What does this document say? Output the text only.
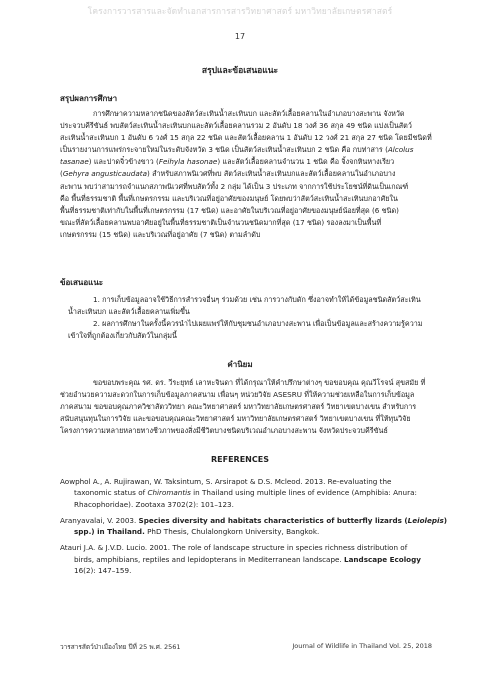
โครงการวารสารและจัดทำเอกสารการสารวิทยาศาสตร์ มหาวิทยาลัยเกษตรศาสตร์
17
สรุปและข้อเสนอแนะ
สรุปผลการศึกษา
การศึกษาความหลากชนิดของสัตว์สะเทินน้ำสะเทินบก และสัตว์เลื้อยคลานในอำเภอบางสะพาน จังหวัด
ประจวบคีรีขันธ์ พบสัตว์สะเทินน้ำสะเทินบกและสัตว์เลื้อยคลานรวม 2 อันดับ 18 วงศ์ 36 สกุล 49 ชนิด แบ่งเป็นสัตว์
สะเทินน้ำสะเทินบก 1 อันดับ 6 วงศ์ 15 สกุล 22 ชนิด และสัตว์เลื้อยคลาน 1 อันดับ 12 วงศ์ 21 สกุล 27 ชนิด โดยมีชนิดที่
เป็นรายงานการแพร่กระจายใหม่ในระดับจังหวัด 3 ชนิด เป็นสัตว์สะเทินน้ำสะเทินบก 2 ชนิด คือ กบท่าสาร (Alcolus
tasanae) และปาดจิ๋วข้างขาว (Feihyla hasonae) และสัตว์เลื้อยคลานจำนวน 1 ชนิด คือ จิ้งจกหินหางเรียว
(Gehyra angusticaudata) สำหรับสภาพนิเวศที่พบ สัตว์สะเทินน้ำสะเทินบกและสัตว์เลื้อยคลานในอำเภอบาง
สะพาน พบว่าสามารถจำแนกสภาพนิเวศที่พบสัตว์ทั้ง 2 กลุ่ม ได้เป็น 3 ประเภท จากการใช้ประโยชน์ที่ดินเป็นเกณฑ์
คือ พื้นที่ธรรมชาติ พื้นที่เกษตรกรรม และบริเวณที่อยู่อาศัยของมนุษย์ โดยพบว่าสัตว์สะเทินน้ำสะเทินบกอาศัยใน
พื้นที่ธรรมชาติเท่ากับในพื้นที่เกษตรกรรม (17 ชนิด) และอาศัยในบริเวณที่อยู่อาศัยของมนุษย์น้อยที่สุด (6 ชนิด)
ขณะที่สัตว์เลื้อยคลานพบอาศัยอยู่ในพื้นที่ธรรมชาติเป็นจำนวนชนิดมากที่สุด (17 ชนิด) รองลงมาเป็นพื้นที่
เกษตรกรรม (15 ชนิด) และบริเวณที่อยู่อาศัย (7 ชนิด) ตามลำดับ
ข้อเสนอแนะ
1. การเก็บข้อมูลอาจใช้วิธีการสำรวจอื่นๆ ร่วมด้วย เช่น การวางกับดัก ซึ่งอาจทำให้ได้ข้อมูลชนิดสัตว์สะเทิน
น้ำสะเทินบก และสัตว์เลื้อยคลานเพิ่มขึ้น
2. ผลการศึกษาในครั้งนี้ควรนำไปเผยแพร่ให้กับชุมชนอำเภอบางสะพาน เพื่อเป็นข้อมูลและสร้างความรู้ความ
เข้าใจที่ถูกต้องเกี่ยวกับสัตว์ในกลุ่มนี้
คำนิยม
ขอขอบพระคุณ รศ. ดร. วีระยุทธ์ เลาหะจินดา ที่ได้กรุณาให้คำปรึกษาต่างๆ ขอขอบคุณ คุณวีโรจน์ สุขสมัย ที่
ช่วยอำนวยความสะดวกในการเก็บข้อมูลภาคสนาม เพื่อนๆ หน่วยวิจัย ASESRU ที่ให้ความช่วยเหลือในการเก็บข้อมูล
ภาคสนาม ขอขอบคุณภาควิชาสัตววิทยา คณะวิทยาศาสตร์ มหาวิทยาลัยเกษตรศาสตร์ วิทยาเขตบางเขน สำหรับการ
สนับสนุนทุนในการวิจัย และขอขอบคุณคณะวิทยาศาสตร์ มหาวิทยาลัยเกษตรศาสตร์ วิทยาเขตบางเขน ที่ให้ทุนวิจัย
โครงการความหลายหลายทางชีวภาพของสิ่งมีชีวิตบางชนิดบริเวณอำเภอบางสะพาน จังหวัดประจวบคีรีขันธ์
REFERENCES
Aowphol A., A. Rujirawan, W. Taksintum, S. Arsirapot & D.S. Mcleod. 2013. Re-evaluating the
taxonomic status of Chiromantis in Thailand using multiple lines of evidence (Amphibia: Anura:
Rhacophoridae). Zootaxa 3702(2): 101–123.
Aranyavalai, V. 2003. Species diversity and habitats characteristics of butterfly lizards (Leiolepis)
spp.) in Thailand. PhD Thesis, Chulalongkorn University, Bangkok.
Atauri J.A. & J.V.D. Lucio. 2001. The role of landscape structure in species richness distribution of
birds, amphibians, reptiles and lepidopterans in Mediterranean landscape. Landscape Ecology
16(2): 147–159.
วารสารสัตว์ป่าเมืองไทย ปีที่ 25 พ.ศ. 2561	Journal of Wildlife in Thailand Vol. 25, 2018
